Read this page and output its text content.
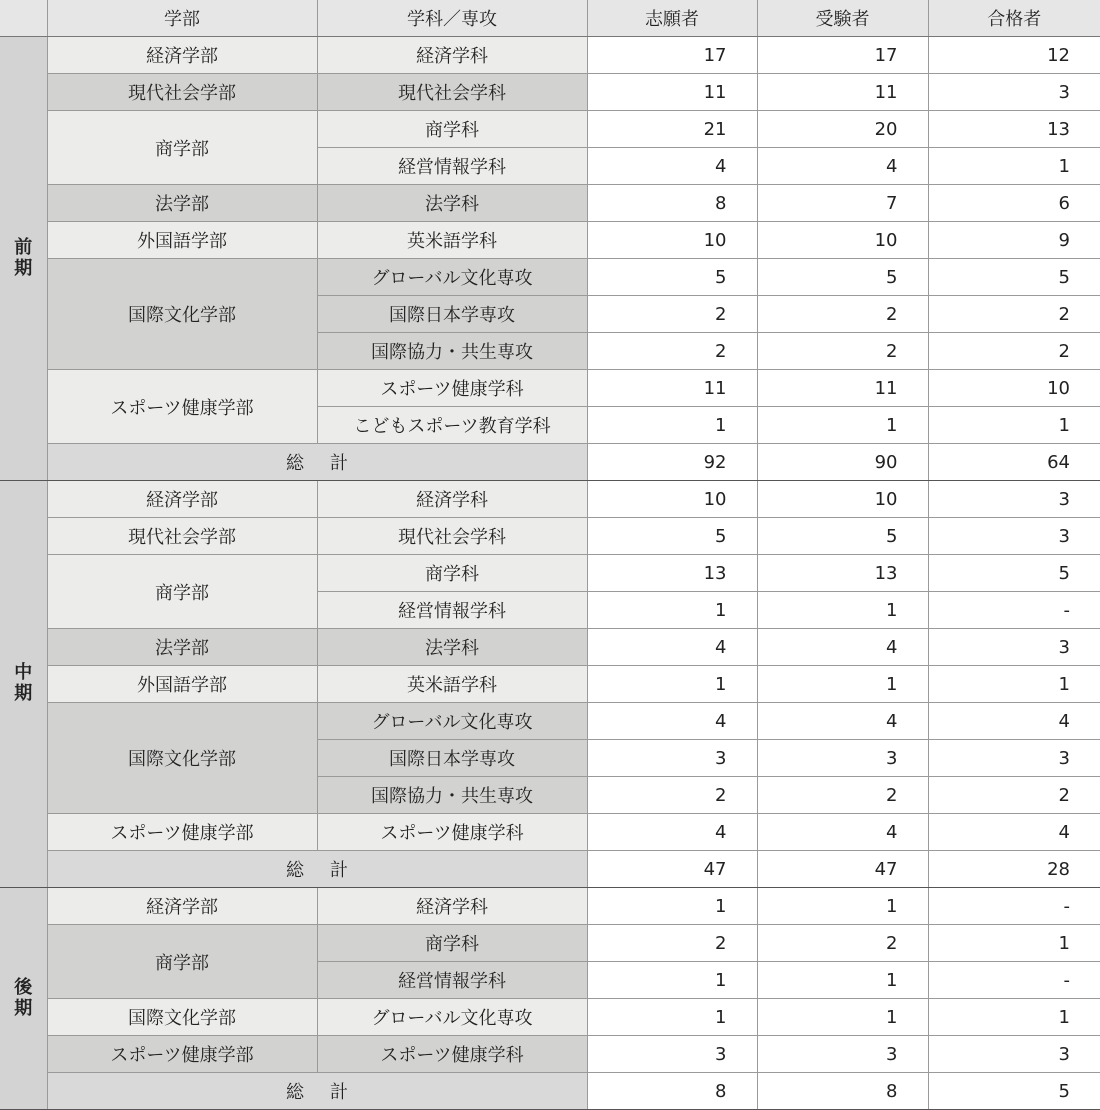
	学部	学科／専攻	志願者	受験者	合格者

前
期	経済学部	経済学科	17	17	12
	現代社会学部	現代社会学科	11	11	3
	商学部	商学科	21	20	13
		経営情報学科	4	4	1
	法学部	法学科	8	7	6
	外国語学部	英米語学科	10	10	9
	国際文化学部	グローバル文化専攻	5	5	5
		国際日本学専攻	2	2	2
		国際協力・共生専攻	2	2	2
	スポーツ健康学部	スポーツ健康学科	11	11	10
		こどもスポーツ教育学科	1	1	1
	総 計		92	90	64

中
期	経済学部	経済学科	10	10	3
	現代社会学部	現代社会学科	5	5	3
	商学部	商学科	13	13	5
		経営情報学科	1	1	-
	法学部	法学科	4	4	3
	外国語学部	英米語学科	1	1	1
	国際文化学部	グローバル文化専攻	4	4	4
		国際日本学専攻	3	3	3
		国際協力・共生専攻	2	2	2
	スポーツ健康学部	スポーツ健康学科	4	4	4
	総 計		47	47	28

後
期	経済学部	経済学科	1	1	-
	商学部	商学科	2	2	1
		経営情報学科	1	1	-
	国際文化学部	グローバル文化専攻	1	1	1
	スポーツ健康学部	スポーツ健康学科	3	3	3
	総 計		8	8	5
